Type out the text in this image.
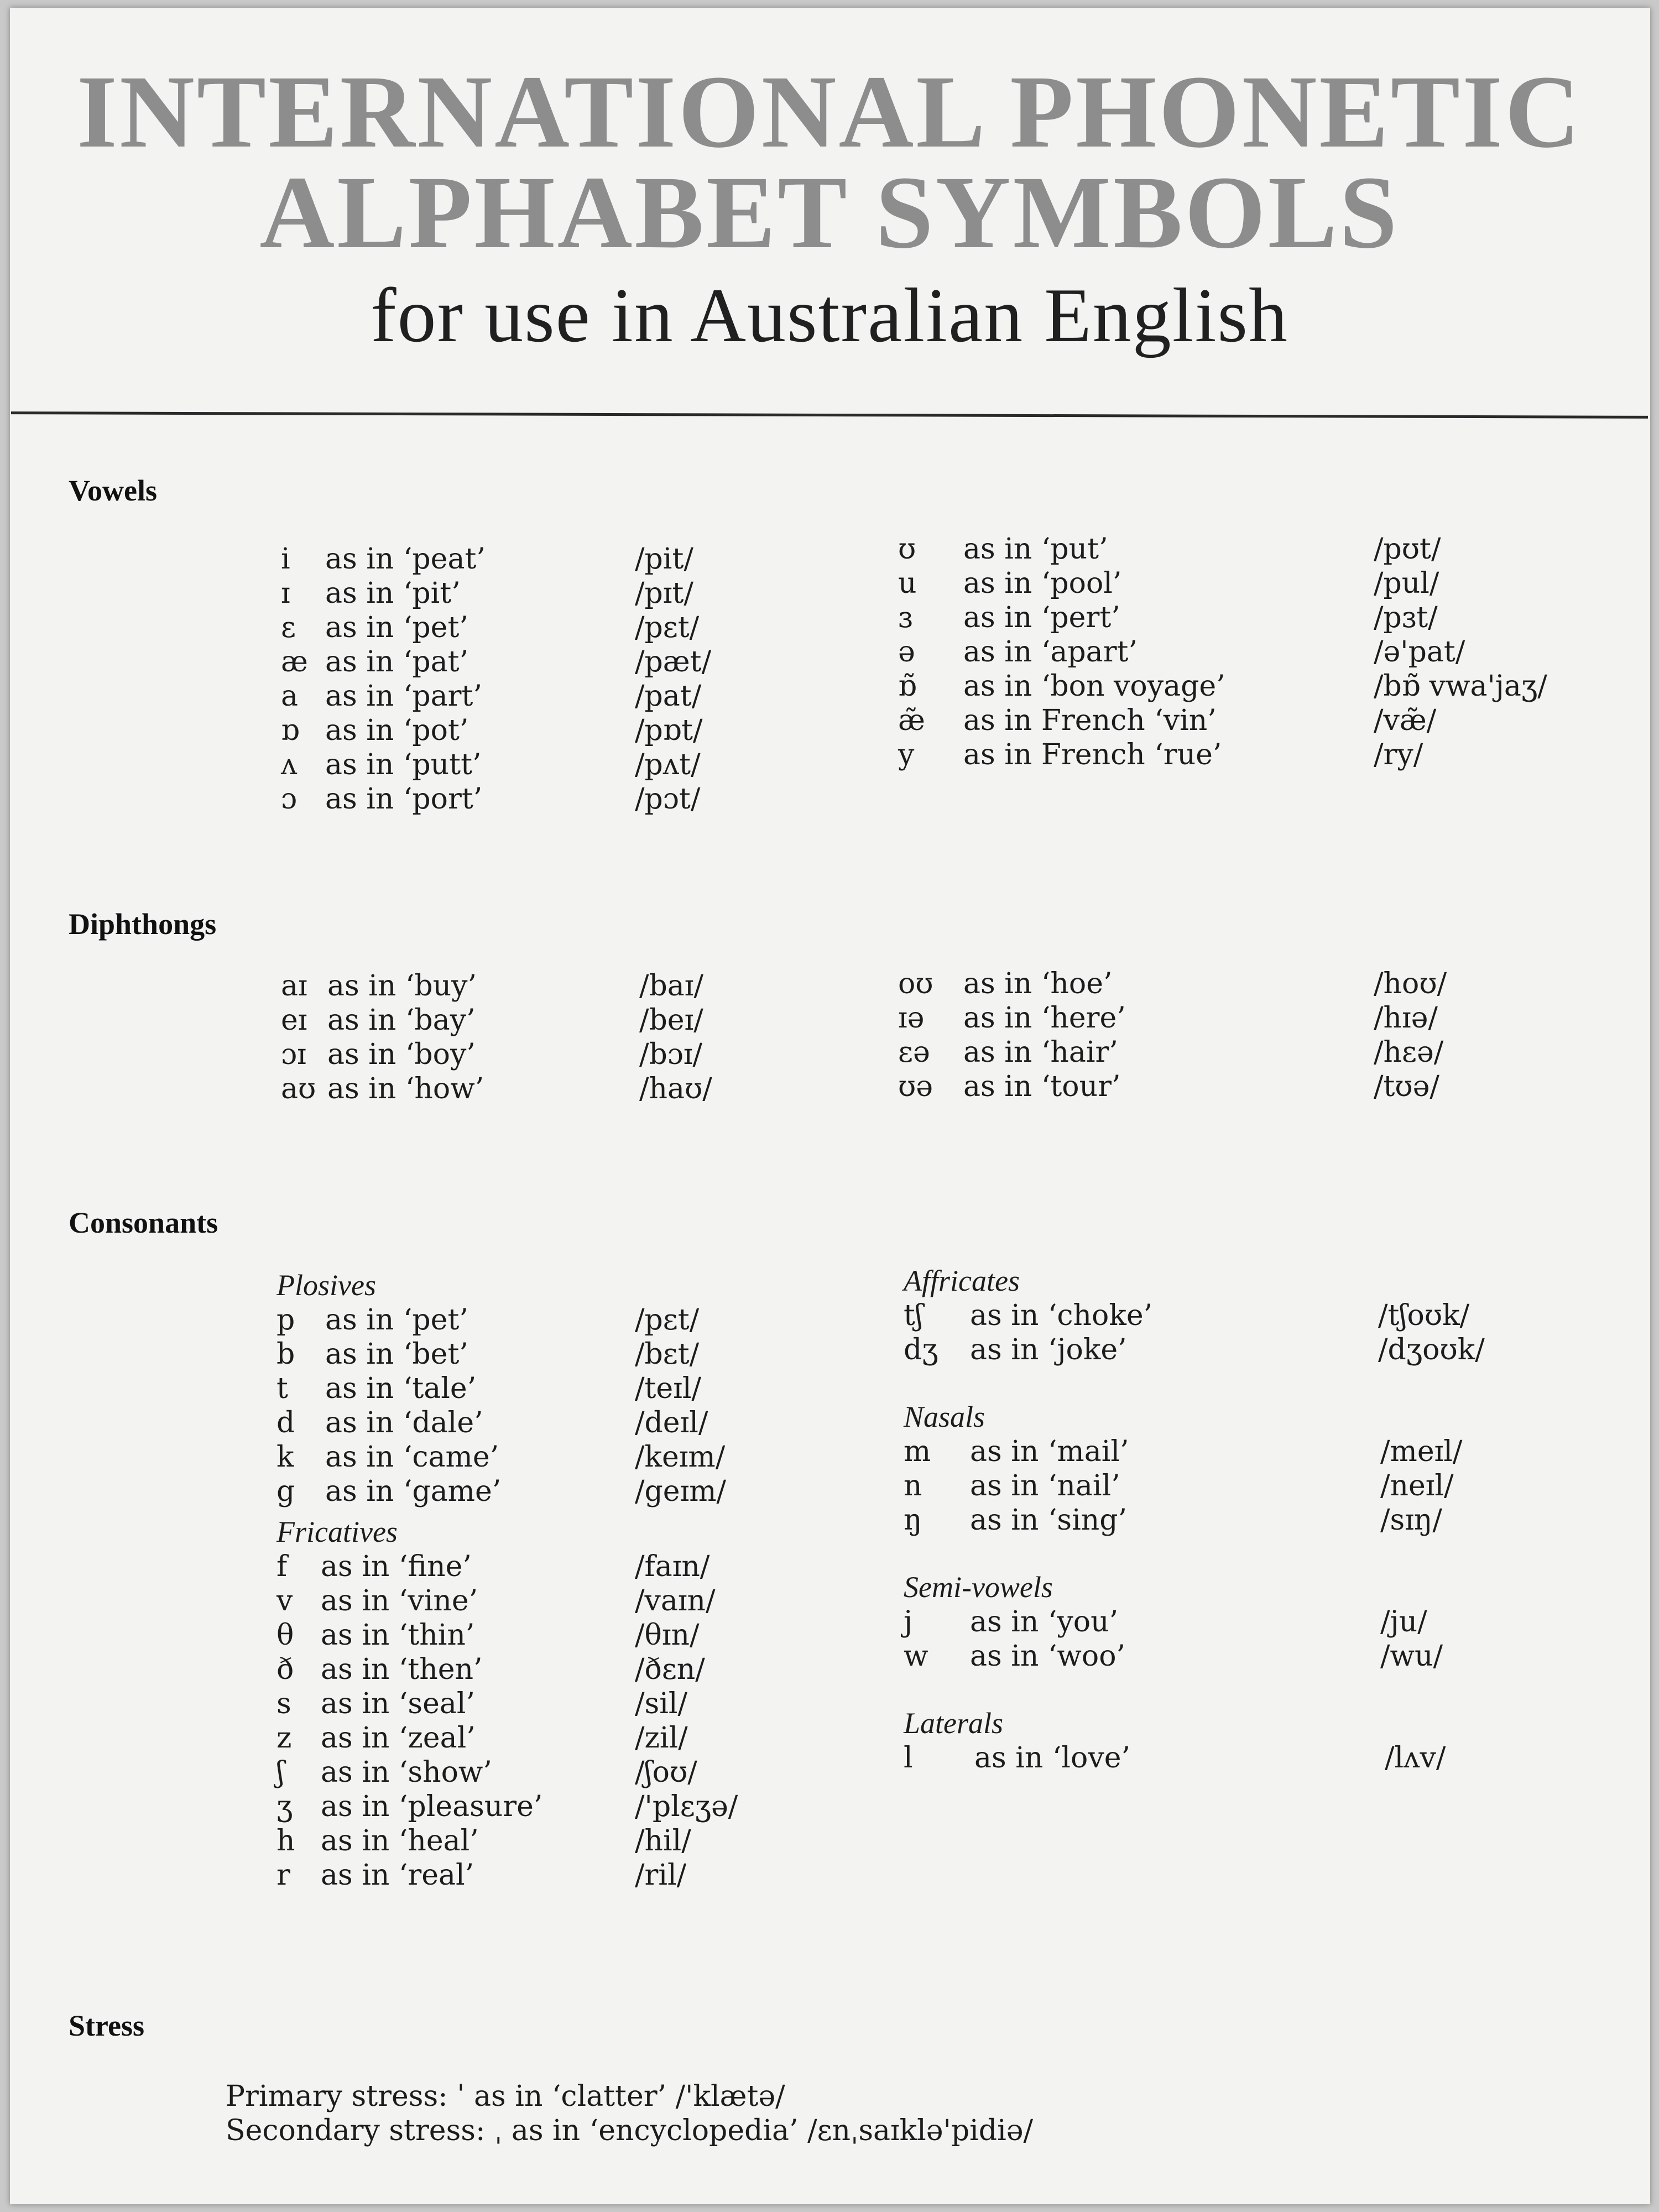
INTERNATIONAL PHONETIC
ALPHABET SYMBOLS
for use in Australian English
Vowels
i as in ‘peat’	/pit/
ɪ as in ‘pit’	/pɪt/
ɛ as in ‘pet’	/pɛt/
æ as in ‘pat’	/pæt/
a as in ‘part’	/pat/
ɒ as in ‘pot’	/pɒt/
ʌ as in ‘putt’	/pʌt/
ɔ as in ‘port’	/pɔt/
ʊ as in ‘put’	/pʊt/
u as in ‘pool’	/pul/
ɜ as in ‘pert’	/pɜt/
ə as in ‘apart’	/ə'pat/
ɒ̃ as in ‘bon voyage’	/bɒ̃ vwa'jaʒ/
æ̃ as in French ‘vin’	/væ̃/
y as in French ‘rue’	/ry/
Diphthongs
aɪ as in ‘buy’	/baɪ/
eɪ as in ‘bay’	/beɪ/
ɔɪ as in ‘boy’	/bɔɪ/
aʊ as in ‘how’	/haʊ/
oʊ as in ‘hoe’	/hoʊ/
ɪə as in ‘here’	/hɪə/
ɛə as in ‘hair’	/hɛə/
ʊə as in ‘tour’	/tʊə/
Consonants
Plosives
p as in ‘pet’	/pɛt/
b as in ‘bet’	/bɛt/
t as in ‘tale’	/teɪl/
d as in ‘dale’	/deɪl/
k as in ‘came’	/keɪm/
g as in ‘game’	/geɪm/
Fricatives
f as in ‘fine’	/faɪn/
v as in ‘vine’	/vaɪn/
θ as in ‘thin’	/θɪn/
ð as in ‘then’	/ðɛn/
s as in ‘seal’	/sil/
z as in ‘zeal’	/zil/
ʃ as in ‘show’	/ʃoʊ/
ʒ as in ‘pleasure’	/'plɛʒə/
h as in ‘heal’	/hil/
r as in ‘real’	/ril/
Affricates
tʃ as in ‘choke’	/tʃoʊk/
dʒ as in ‘joke’	/dʒoʊk/
Nasals
m as in ‘mail’	/meɪl/
n as in ‘nail’	/neɪl/
ŋ as in ‘sing’	/sɪŋ/
Semi-vowels
j as in ‘you’	/ju/
w as in ‘woo’	/wu/
Laterals
l as in ‘love’	/lʌv/
Stress
Primary stress: ˈ as in ‘clatter’ /'klætə/
Secondary stress: ˌ as in ‘encyclopedia’ /ɛnˌsaɪklə'pidiə/
